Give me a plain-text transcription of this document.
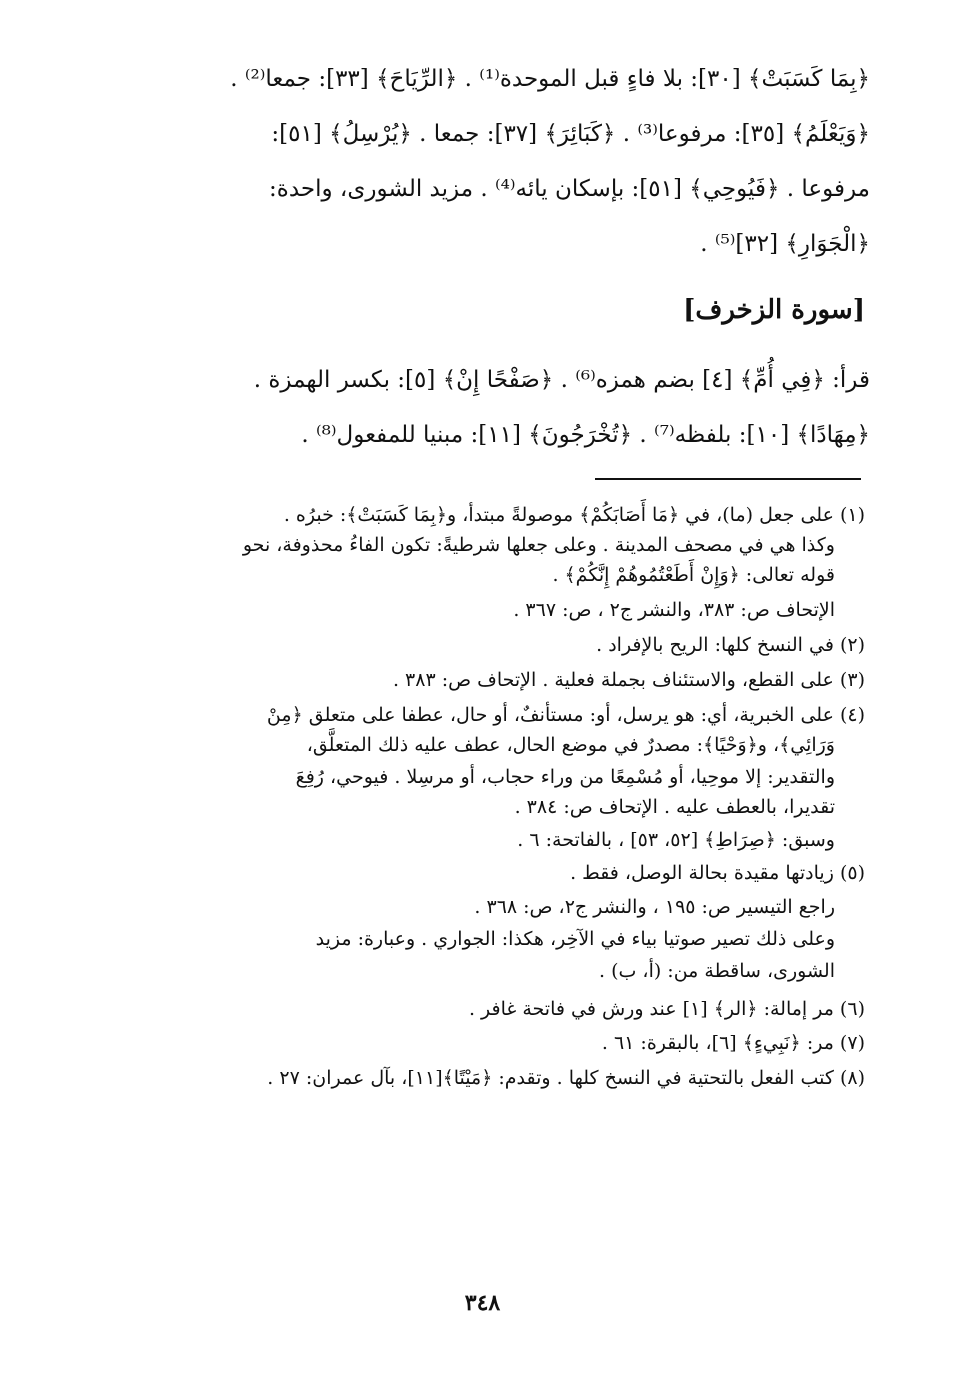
﴿بِمَا كَسَبَتْ﴾ [٣٠]: بلا فاءٍ قبل الموحدة⁽¹⁾ . ﴿الرِّيَاحَ﴾ [٣٣]: جمعا⁽²⁾ .
﴿وَيَعْلَمُ﴾ [٣٥]: مرفوعا⁽³⁾ . ﴿كَبَائِرَ﴾ [٣٧]: جمعا . ﴿يُرْسِلُ﴾ [٥١]:
مرفوعا . ﴿فَيُوحِي﴾ [٥١]: بإسكان يائه⁽⁴⁾ . مزيد الشورى، واحدة:
﴿الْجَوَارِ﴾ [٣٢]⁽⁵⁾ .
[سورة الزخرف]
قرأ: ﴿فِي أُمِّ﴾ [٤] بضم همزه⁽⁶⁾ . ﴿صَفْحًا إِنْ﴾ [٥]: بكسر الهمزة .
﴿مِهَادًا﴾ [١٠]: بلفظه⁽⁷⁾ . ﴿تُخْرَجُونَ﴾ [١١]: مبنيا للمفعول⁽⁸⁾ .
(١) على جعل (ما)، في ﴿مَا أَصَابَكُمْ﴾ موصولةً مبتدأ، و﴿بِمَا كَسَبَتْ﴾: خبرُه .
وكذا هي في مصحف المدينة . وعلى جعلها شرطيةً: تكون الفاءُ محذوفة، نحو
قوله تعالى: ﴿وَإِنْ أَطَعْتُمُوهُمْ إِنَّكُمْ﴾ .
الإتحاف ص: ٣٨٣، والنشر ج٢ ، ص: ٣٦٧ .
(٢) في النسخ كلها: الريح بالإفراد .
(٣) على القطع، والاستئناف بجملة فعلية . الإتحاف ص: ٣٨٣ .
(٤) على الخبرية، أي: هو يرسل، أو: مستأنفٌ، أو حال، عطفا على متعلق ﴿مِنْ
وَرَائِي﴾، و﴿وَحْيًا﴾: مصدرٌ في موضع الحال، عطف عليه ذلك المتعلَّق،
والتقدير: إلا موحِيا، أو مُسْمِعًا من وراء حجاب، أو مرسِلا . فيوحي، رُفِعَ
تقديرا، بالعطف عليه . الإتحاف ص: ٣٨٤ .
وسبق: ﴿صِرَاطِ﴾ [٥٢، ٥٣] ، بالفاتحة: ٦ .
(٥) زيادتها مقيدة بحالة الوصل، فقط .
راجع التيسير ص: ١٩٥ ، والنشر ج٢، ص: ٣٦٨ .
وعلى ذلك تصير صوتيا بياء في الآخِر، هكذا: الجواري . وعبارة: مزيد
الشورى، ساقطة من: (أ، ب) .
(٦) مر إمالة: ﴿الر﴾ [١] عند ورش في فاتحة غافر .
(٧) مر: ﴿نَبِيءٍ﴾ [٦]، بالبقرة: ٦١ .
(٨) كتب الفعل بالتحتية في النسخ كلها . وتقدم: ﴿مَيْتًا﴾[١١]، بآل عمران: ٢٧ .
٣٤٨
